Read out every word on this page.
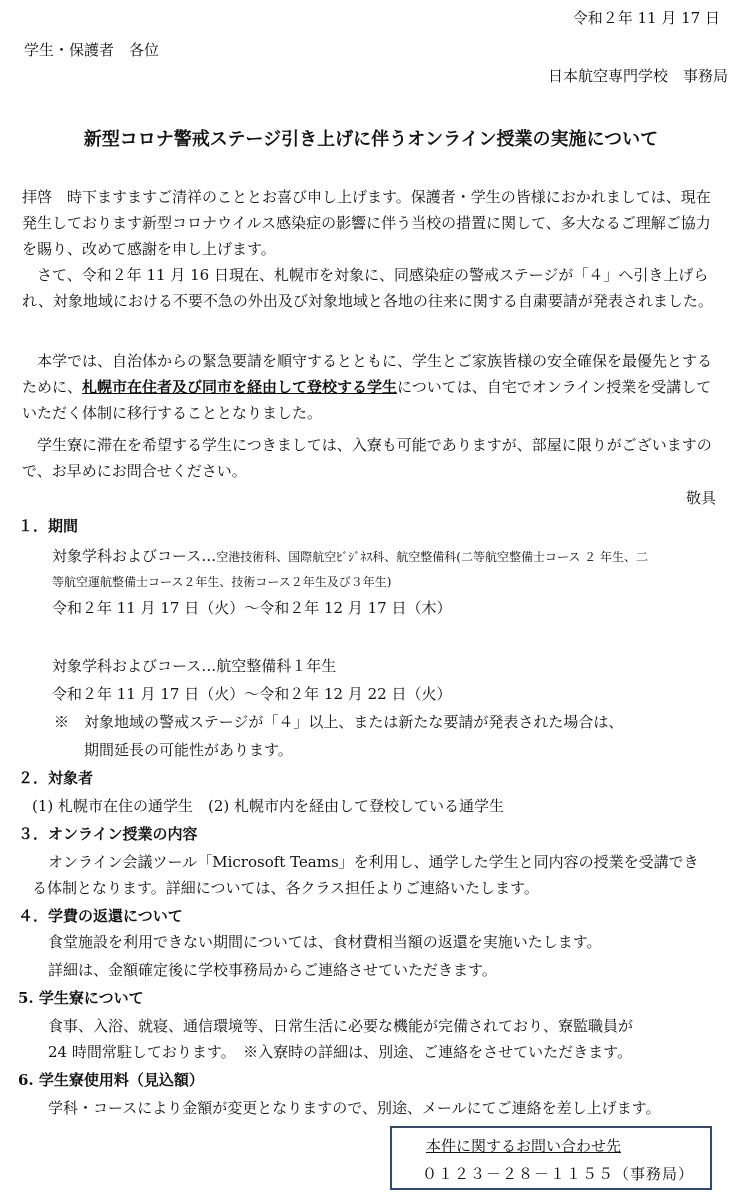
令和２年 11 月 17 日
学生・保護者　各位
日本航空専門学校　事務局
新型コロナ警戒ステージ引き上げに伴うオンライン授業の実施について

拝啓　時下ますますご清祥のこととお喜び申し上げます。保護者・学生の皆様におかれましては、現在発生しております新型コロナウイルス感染症の影響に伴う当校の措置に関して、多大なるご理解ご協力を賜り、改めて感謝を申し上げます。

　さて、令和２年 11 月 16 日現在、札幌市を対象に、同感染症の警戒ステージが「４」へ引き上げられ、対象地域における不要不急の外出及び対象地域と各地の往来に関する自粛要請が発表されました。

　本学では、自治体からの緊急要請を順守するとともに、学生とご家族皆様の安全確保を最優先とするために、札幌市在住者及び同市を経由して登校する学生については、自宅でオンライン授業を受講していただく体制に移行することとなりました。

　学生寮に滞在を希望する学生につきましては、入寮も可能でありますが、部屋に限りがございますので、お早めにお問合せください。

敬具
１．期間
対象学科およびコース…空港技術科、国際航空ﾋﾞｼﾞﾈｽ科、航空整備科(二等航空整備士コース ２ 年生、二
等航空運航整備士コース２年生、技術コース２年生及び３年生)
令和２年 11 月 17 日（火）～令和２年 12 月 17 日（木）
対象学科およびコース…航空整備科１年生
令和２年 11 月 17 日（火）～令和２年 12 月 22 日（火）
※　対象地域の警戒ステージが「４」以上、または新たな要請が発表された場合は、
期間延長の可能性があります。
２．対象者
(1) 札幌市在住の通学生　(2) 札幌市内を経由して登校している通学生
３．オンライン授業の内容
オンライン会議ツール「Microsoft Teams」を利用し、通学した学生と同内容の授業を受講でき
る体制となります。詳細については、各クラス担任よりご連絡いたします。
４．学費の返還について
食堂施設を利用できない期間については、食材費相当額の返還を実施いたします。
詳細は、金額確定後に学校事務局からご連絡させていただきます。
5. 学生寮について
食事、入浴、就寝、通信環境等、日常生活に必要な機能が完備されており、寮監職員が
24 時間常駐しております。　※入寮時の詳細は、別途、ご連絡をさせていただきます。
6. 学生寮使用料（見込額）
学科・コースにより金額が変更となりますので、別途、メールにてご連絡を差し上げます。
本件に関するお問い合わせ先
０１２３－２８－１１５５（事務局）
